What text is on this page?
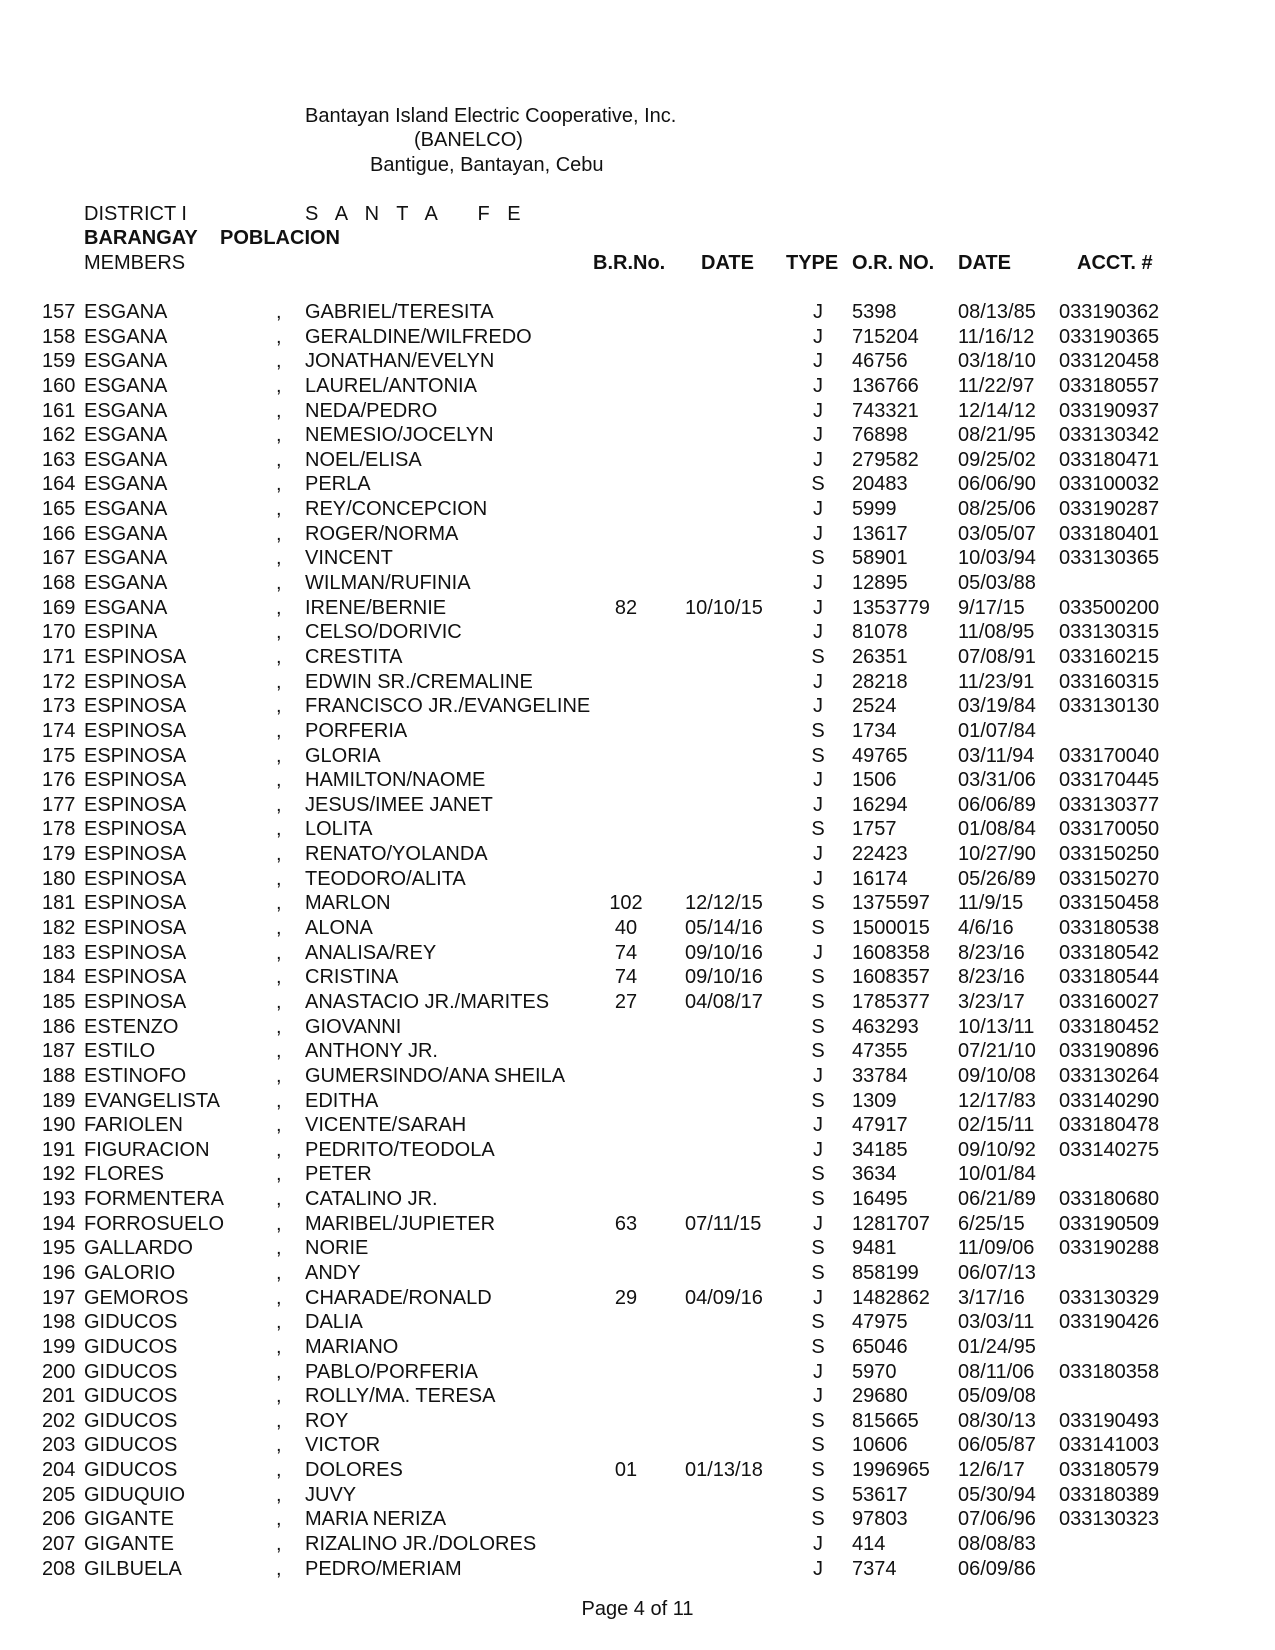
Bantayan Island Electric Cooperative, Inc.
(BANELCO)
Bantigue, Bantayan, Cebu
DISTRICT I	S A N T A   F E
BARANGAY POBLACION
MEMBERS	B.R.No. DATE TYPE O.R. NO. DATE	ACCT. #
157 ESGANA	, GABRIEL/TERESITA	J 5398	08/13/85 033190362
158 ESGANA	, GERALDINE/WILFREDO	J 715204 11/16/12 033190365
159 ESGANA	, JONATHAN/EVELYN	J 46756	03/18/10 033120458
160 ESGANA	, LAUREL/ANTONIA	J 136766 11/22/97 033180557
161 ESGANA	, NEDA/PEDRO	J 743321 12/14/12 033190937
162 ESGANA	, NEMESIO/JOCELYN	J 76898	08/21/95 033130342
163 ESGANA	, NOEL/ELISA	J 279582 09/25/02 033180471
164 ESGANA	, PERLA	S 20483	06/06/90 033100032
165 ESGANA	, REY/CONCEPCION	J 5999	08/25/06 033190287
166 ESGANA	, ROGER/NORMA	J 13617	03/05/07 033180401
167 ESGANA	, VINCENT	S 58901	10/03/94 033130365
168 ESGANA	, WILMAN/RUFINIA	J 12895	05/03/88
169 ESGANA	, IRENE/BERNIE	82	10/10/15	J 1353779 9/17/15 033500200
170 ESPINA	, CELSO/DORIVIC	J 81078	11/08/95 033130315
171 ESPINOSA	, CRESTITA	S 26351	07/08/91 033160215
172 ESPINOSA	, EDWIN SR./CREMALINE	J 28218	11/23/91 033160315
173 ESPINOSA	, FRANCISCO JR./EVANGELINE	J 2524	03/19/84 033130130
174 ESPINOSA	, PORFERIA	S 1734	01/07/84
175 ESPINOSA	, GLORIA	S 49765	03/11/94 033170040
176 ESPINOSA	, HAMILTON/NAOME	J 1506	03/31/06 033170445
177 ESPINOSA	, JESUS/IMEE JANET	J 16294	06/06/89 033130377
178 ESPINOSA	, LOLITA	S 1757	01/08/84 033170050
179 ESPINOSA	, RENATO/YOLANDA	J 22423	10/27/90 033150250
180 ESPINOSA	, TEODORO/ALITA	J 16174	05/26/89 033150270
181 ESPINOSA	, MARLON	102	12/12/15 S 1375597 11/9/15 033150458
182 ESPINOSA	, ALONA	40	05/14/16 S 1500015 4/6/16 033180538
183 ESPINOSA	, ANALISA/REY	74	09/10/16	J 1608358 8/23/16 033180542
184 ESPINOSA	, CRISTINA	74	09/10/16 S 1608357 8/23/16 033180544
185 ESPINOSA	, ANASTACIO JR./MARITES	27	04/08/17 S 1785377 3/23/17 033160027
186 ESTENZO	, GIOVANNI	S 463293 10/13/11 033180452
187 ESTILO	, ANTHONY JR.	S 47355	07/21/10 033190896
188 ESTINOFO	, GUMERSINDO/ANA SHEILA	J 33784	09/10/08 033130264
189 EVANGELISTA	, EDITHA	S 1309	12/17/83 033140290
190 FARIOLEN	, VICENTE/SARAH	J 47917	02/15/11 033180478
191 FIGURACION	, PEDRITO/TEODOLA	J 34185	09/10/92 033140275
192 FLORES	, PETER	S 3634	10/01/84
193 FORMENTERA	, CATALINO JR.	S 16495	06/21/89 033180680
194 FORROSUELO	, MARIBEL/JUPIETER	63	07/11/15	J 1281707 6/25/15 033190509
195 GALLARDO	, NORIE	S 9481	11/09/06 033190288
196 GALORIO	, ANDY	S 858199 06/07/13
197 GEMOROS	, CHARADE/RONALD	29	04/09/16	J 1482862 3/17/16 033130329
198 GIDUCOS	, DALIA	S 47975	03/03/11 033190426
199 GIDUCOS	, MARIANO	S 65046	01/24/95
200 GIDUCOS	, PABLO/PORFERIA	J 5970	08/11/06 033180358
201 GIDUCOS	, ROLLY/MA. TERESA	J 29680	05/09/08
202 GIDUCOS	, ROY	S 815665 08/30/13 033190493
203 GIDUCOS	, VICTOR	S 10606	06/05/87 033141003
204 GIDUCOS	, DOLORES	01	01/13/18 S 1996965 12/6/17 033180579
205 GIDUQUIO	, JUVY	S 53617	05/30/94 033180389
206 GIGANTE	, MARIA NERIZA	S 97803	07/06/96 033130323
207 GIGANTE	, RIZALINO JR./DOLORES	J 414	08/08/83
208 GILBUELA	, PEDRO/MERIAM	J 7374	06/09/86
Page 4 of 11
